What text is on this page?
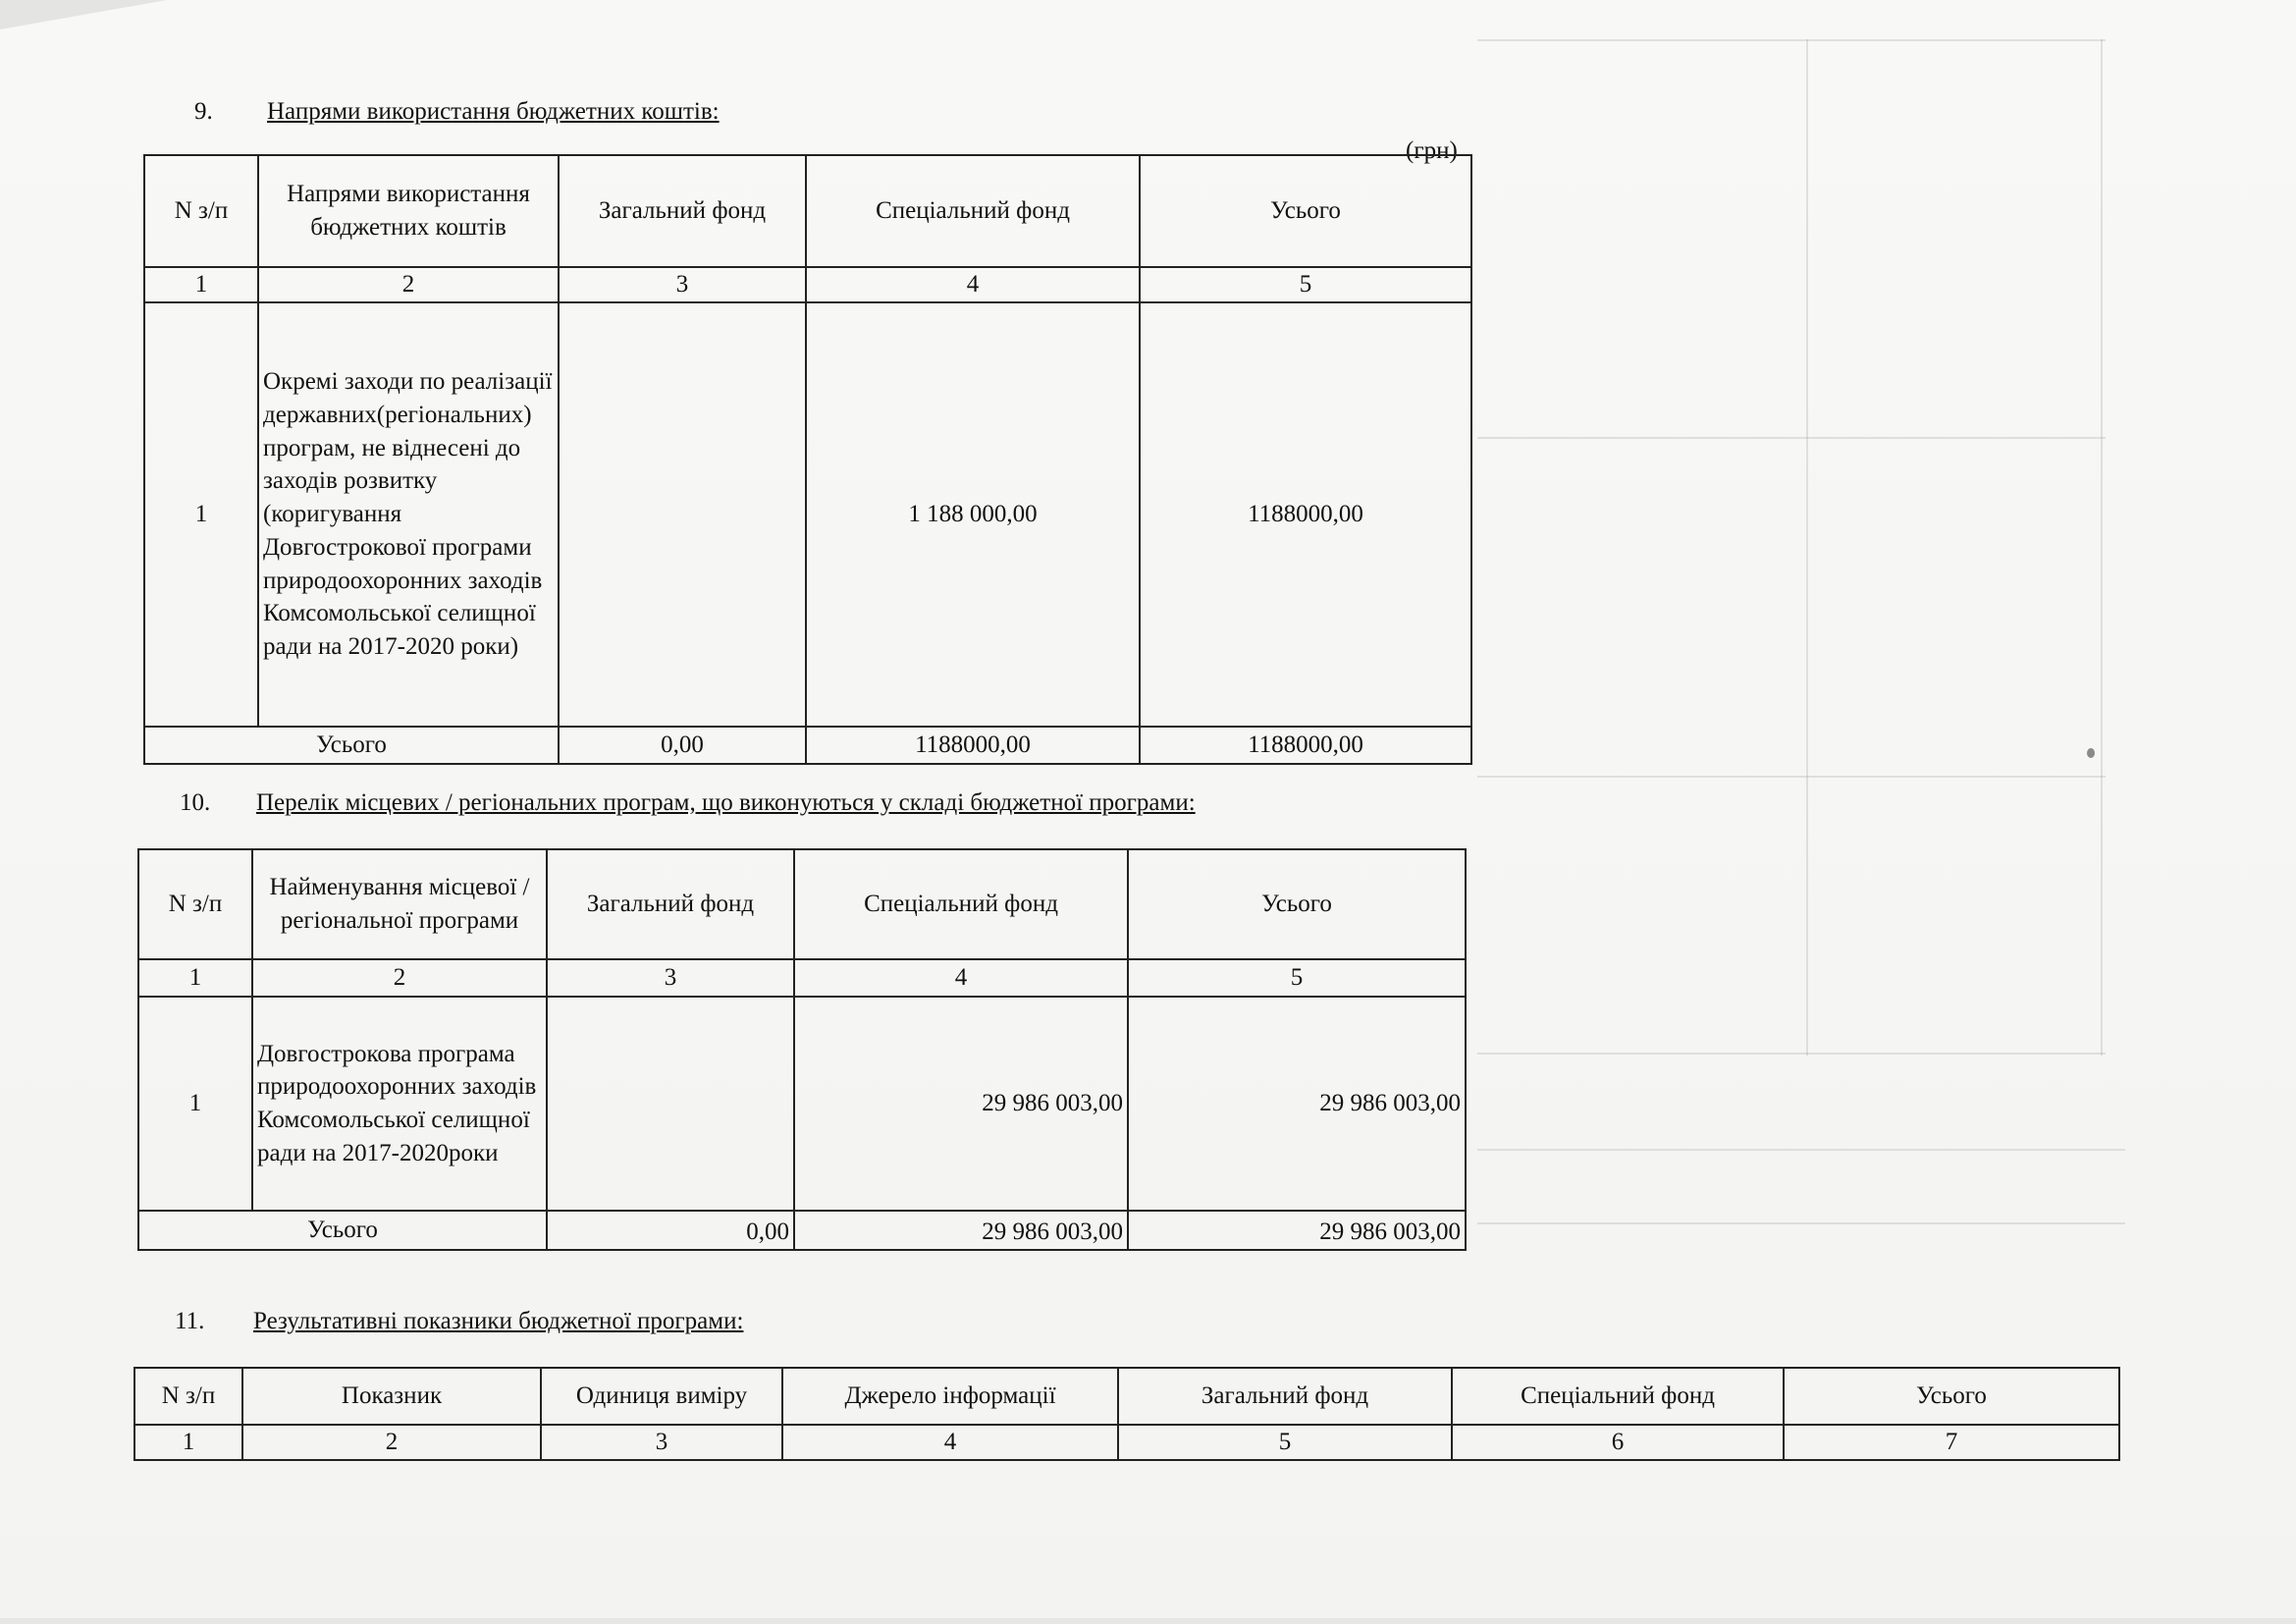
9. Напрями використання бюджетних коштів:
(грн)
N з/п	Напрями використання бюджетних коштів	Загальний фонд	Спеціальний фонд	Усього
1	2	3	4	5
1	Окремі заходи по реалізації державних(регіональних) програм, не віднесені до заходів розвитку (коригування Довгострокової програми природоохоронних заходів Комсомольської селищної ради на 2017-2020 роки)		1 188 000,00	1188000,00
Усього		0,00	1188000,00	1188000,00
10. Перелік місцевих / регіональних програм, що виконуються у складі бюджетної програми:
N з/п	Найменування місцевої / регіональної програми	Загальний фонд	Спеціальний фонд	Усього
1	2	3	4	5
1	Довгострокова програма природоохоронних заходів Комсомольської селищної ради на 2017-2020роки		29 986 003,00	29 986 003,00
Усього		0,00	29 986 003,00	29 986 003,00
11. Результативні показники бюджетної програми:
N з/п	Показник	Одиниця виміру	Джерело інформації	Загальний фонд	Спеціальний фонд	Усього
1	2	3	4	5	6	7
